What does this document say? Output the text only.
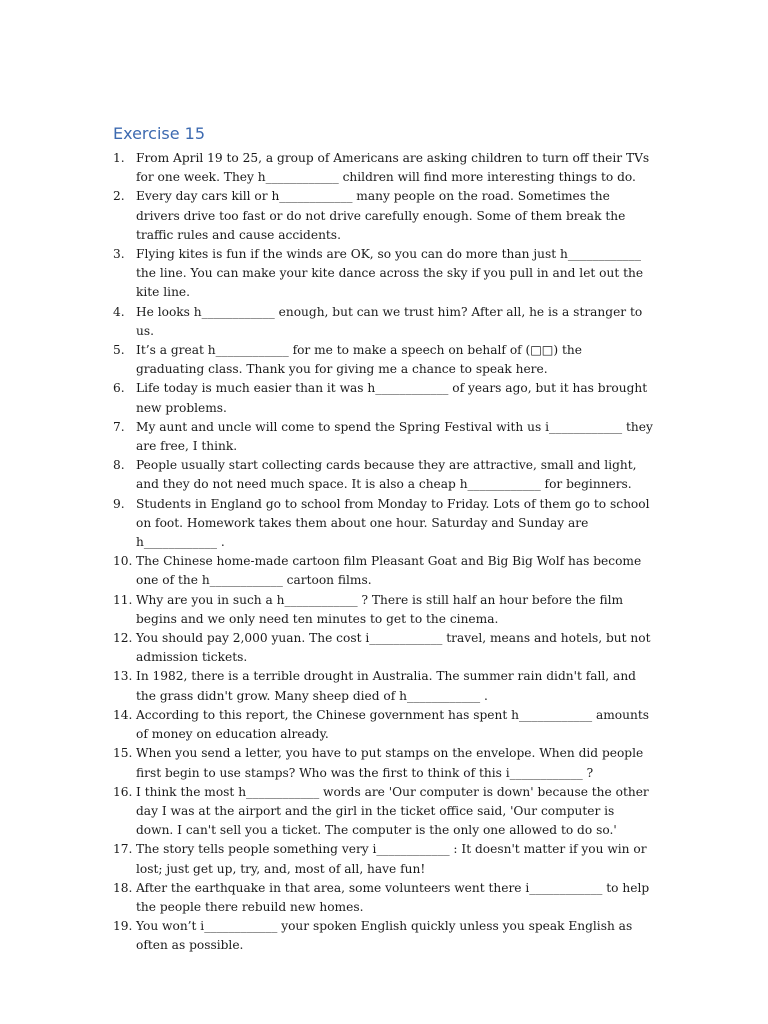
Exercise 15
1. From April 19 to 25, a group of Americans are asking children to turn off their TVs for one week. They h____________ children will find more interesting things to do.
2. Every day cars kill or h____________ many people on the road. Sometimes the drivers drive too fast or do not drive carefully enough. Some of them break the traffic rules and cause accidents.
3. Flying kites is fun if the winds are OK, so you can do more than just h____________ the line. You can make your kite dance across the sky if you pull in and let out the kite line.
4. He looks h____________ enough, but can we trust him? After all, he is a stranger to us.
5. It’s a great h____________ for me to make a speech on behalf of (□□) the graduating class. Thank you for giving me a chance to speak here.
6. Life today is much easier than it was h____________ of years ago, but it has brought new problems.
7. My aunt and uncle will come to spend the Spring Festival with us i____________ they are free, I think.
8. People usually start collecting cards because they are attractive, small and light, and they do not need much space. It is also a cheap h____________ for beginners.
9. Students in England go to school from Monday to Friday. Lots of them go to school on foot. Homework takes them about one hour. Saturday and Sunday are h____________ .
10. The Chinese home-made cartoon film Pleasant Goat and Big Big Wolf has become one of the h____________ cartoon films.
11. Why are you in such a h____________ ? There is still half an hour before the film begins and we only need ten minutes to get to the cinema.
12. You should pay 2,000 yuan. The cost i____________ travel, means and hotels, but not admission tickets.
13. In 1982, there is a terrible drought in Australia. The summer rain didn't fall, and the grass didn't grow. Many sheep died of h____________ .
14. According to this report, the Chinese government has spent h____________ amounts of money on education already.
15. When you send a letter, you have to put stamps on the envelope. When did people first begin to use stamps? Who was the first to think of this i____________ ?
16. I think the most h____________ words are 'Our computer is down' because the other day I was at the airport and the girl in the ticket office said, 'Our computer is down. I can't sell you a ticket. The computer is the only one allowed to do so.'
17. The story tells people something very i____________ : It doesn't matter if you win or lost; just get up, try, and, most of all, have fun!
18. After the earthquake in that area, some volunteers went there i____________ to help the people there rebuild new homes.
19. You won’t i____________ your spoken English quickly unless you speak English as often as possible.
